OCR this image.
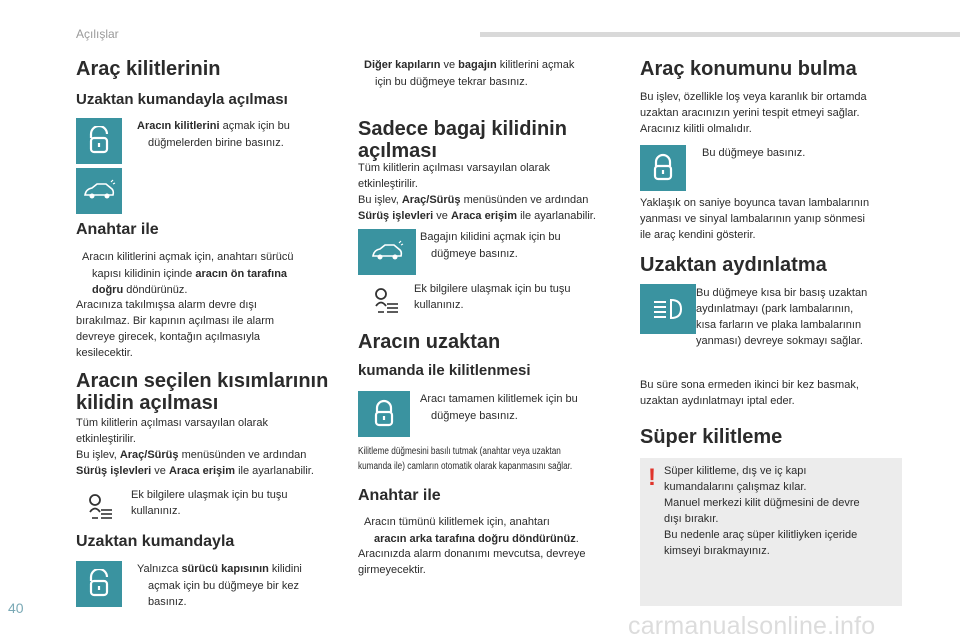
Açılışlar
Araç kilitlerinin
Uzaktan kumandayla açılması
Aracın kilitlerini açmak için bu
düğmelerden birine basınız.
Anahtar ile
Aracın kilitlerini açmak için, anahtarı sürücü
kapısı kilidinin içinde aracın ön tarafına
doğru döndürünüz.
Aracınıza takılmışsa alarm devre dışı
bırakılmaz. Bir kapının açılması ile alarm
devreye girecek, kontağın açılmasıyla
kesilecektir.
Aracın seçilen kısımlarının
kilidin açılması
Tüm kilitlerin açılması varsayılan olarak
etkinleştirilir.
Bu işlev, Araç/Sürüş menüsünden ve ardından
Sürüş işlevleri ve Araca erişim ile ayarlanabilir.
Ek bilgilere ulaşmak için bu tuşu
kullanınız.
Uzaktan kumandayla
Yalnızca sürücü kapısının kilidini
açmak için bu düğmeye bir kez
basınız.
Diğer kapıların ve bagajın kilitlerini açmak
için bu düğmeye tekrar basınız.
Sadece bagaj kilidinin
açılması
Tüm kilitlerin açılması varsayılan olarak
etkinleştirilir.
Bu işlev, Araç/Sürüş menüsünden ve ardından
Sürüş işlevleri ve Araca erişim ile ayarlanabilir.
Bagajın kilidini açmak için bu
düğmeye basınız.
Ek bilgilere ulaşmak için bu tuşu
kullanınız.
Aracın uzaktan
kumanda ile kilitlenmesi
Aracı tamamen kilitlemek için bu
düğmeye basınız.
Kilitleme düğmesini basılı tutmak (anahtar veya uzaktan
kumanda ile) camların otomatik olarak kapanmasını sağlar.
Anahtar ile
Aracın tümünü kilitlemek için, anahtarı
aracın arka tarafına doğru döndürünüz.
Aracınızda alarm donanımı mevcutsa, devreye
girmeyecektir.
Araç konumunu bulma
Bu işlev, özellikle loş veya karanlık bir ortamda
uzaktan aracınızın yerini tespit etmeyi sağlar.
Aracınız kilitli olmalıdır.
Bu düğmeye basınız.
Yaklaşık on saniye boyunca tavan lambalarının
yanması ve sinyal lambalarının yanıp sönmesi
ile araç kendini gösterir.
Uzaktan aydınlatma
Bu düğmeye kısa bir basış uzaktan
aydınlatmayı (park lambalarının,
kısa farların ve plaka lambalarının
yanması) devreye sokmayı sağlar.
Bu süre sona ermeden ikinci bir kez basmak,
uzaktan aydınlatmayı iptal eder.
Süper kilitleme
! Süper kilitleme, dış ve iç kapı
kumandalarını çalışmaz kılar.
Manuel merkezi kilit düğmesini de devre
dışı bırakır.
Bu nedenle araç süper kilitliyken içeride
kimseyi bırakmayınız.
40
carmanualsonline.info
